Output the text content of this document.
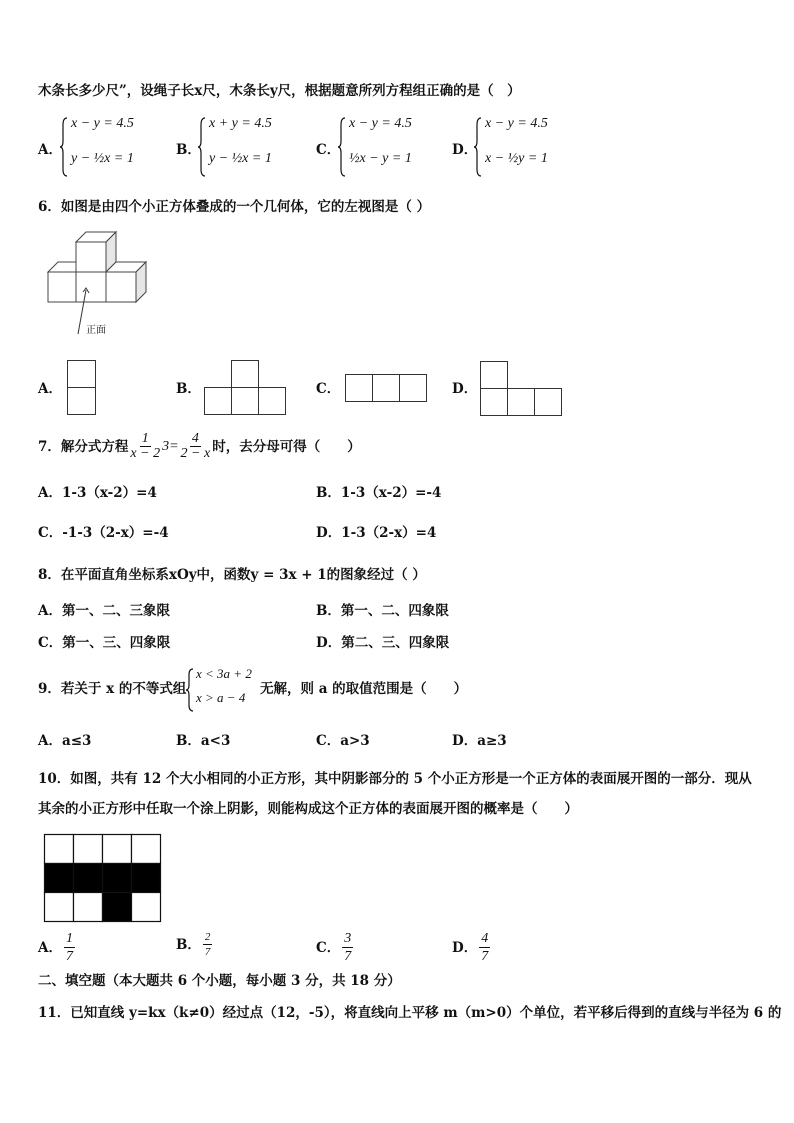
木条长多少尺”，设绳子长x尺，木条长y尺，根据题意所列方程组正确的是（　）
A．
x − y = 4.5
y − ½x = 1
B．
x + y = 4.5
y − ½x = 1
C．
x − y = 4.5
½x − y = 1
D．
x − y = 4.5
x − ½y = 1
6．如图是由四个小正方体叠成的一个几何体，它的左视图是（ ）
正面
A．	B．	C．	D．
7．解分式方程 $\frac{1}{x - 2} 3= \frac{4}{2 - x}$ 时，去分母可得（　　）
A．1-3（x-2）=4	B．1-3（x-2）=-4
C．-1-3（2-x）=-4	D．1-3（2-x）=4
8．在平面直角坐标系xOy中，函数y = 3x + 1的图象经过（ ）
A．第一、二、三象限	B．第一、二、四象限
C．第一、三、四象限	D．第二、三、四象限
9．若关于 x 的不等式组
x < 3a + 2
x > a − 4
无解，则 a 的取值范围是（　　）
A．a≤3	B．a<3	C．a>3	D．a≥3
10．如图，共有 12 个大小相同的小正方形，其中阴影部分的 5 个小正方形是一个正方体的表面展开图的一部分．现从
其余的小正方形中任取一个涂上阴影，则能构成这个正方体的表面展开图的概率是（　　）
A． $\frac{1}{7}$	B． $\frac{2}{7}$	C． $\frac{3}{7}$	D． $\frac{4}{7}$
二、填空题（本大题共 6 个小题，每小题 3 分，共 18 分）
11．已知直线 y=kx（k≠0）经过点（12，-5），将直线向上平移 m（m>0）个单位，若平移后得到的直线与半径为 6 的
